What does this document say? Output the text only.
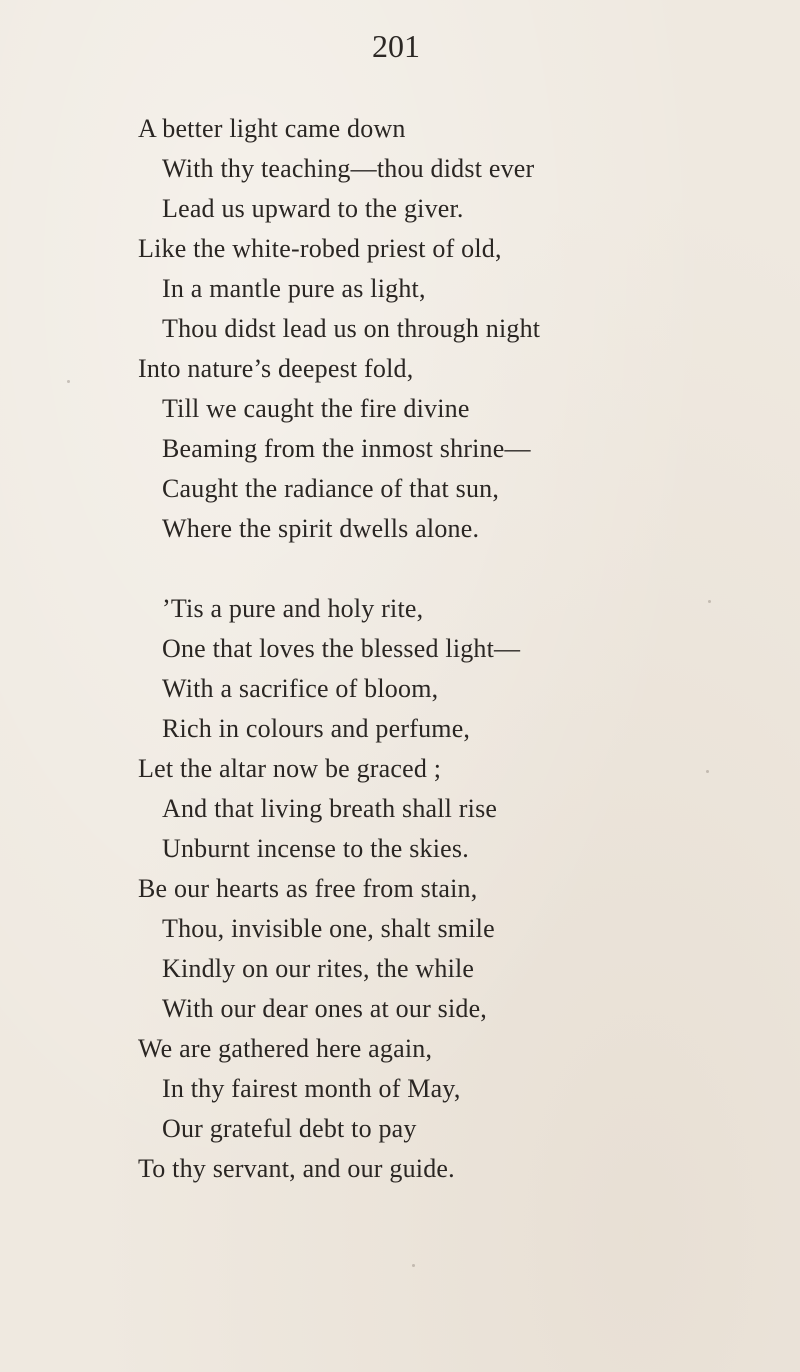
201
A better light came down
With thy teaching—thou didst ever
Lead us upward to the giver.
Like the white-robed priest of old,
In a mantle pure as light,
Thou didst lead us on through night
Into nature’s deepest fold,
Till we caught the fire divine
Beaming from the inmost shrine—
Caught the radiance of that sun,
Where the spirit dwells alone.
’Tis a pure and holy rite,
One that loves the blessed light—
With a sacrifice of bloom,
Rich in colours and perfume,
Let the altar now be graced ;
And that living breath shall rise
Unburnt incense to the skies.
Be our hearts as free from stain,
Thou, invisible one, shalt smile
Kindly on our rites, the while
With our dear ones at our side,
We are gathered here again,
In thy fairest month of May,
Our grateful debt to pay
To thy servant, and our guide.
